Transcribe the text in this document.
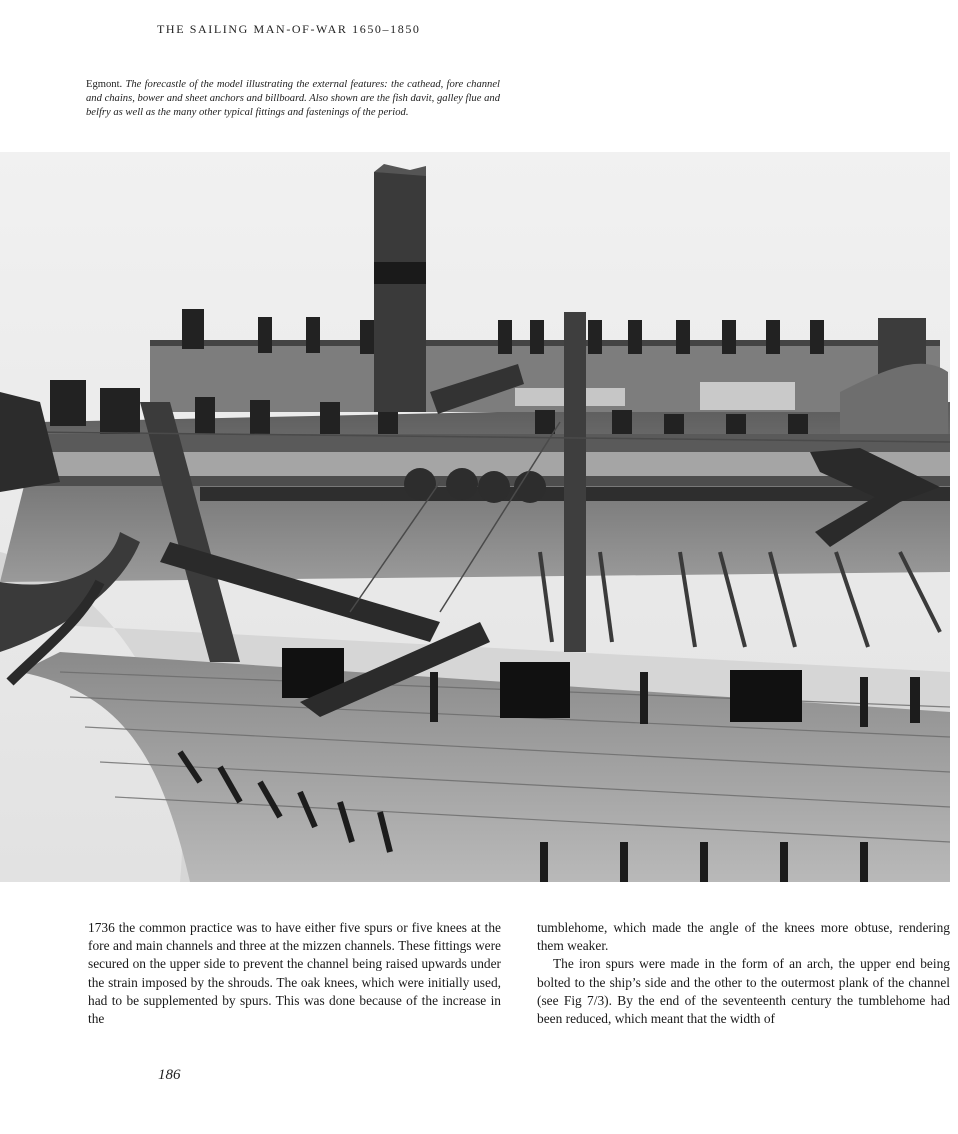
THE SAILING MAN-OF-WAR 1650–1850
Egmont. The forecastle of the model illustrating the external features: the cathead, fore channel and chains, bower and sheet anchors and billboard. Also shown are the fish davit, galley flue and belfry as well as the many other typical fittings and fastenings of the period.

1736 the common practice was to have either five spurs or five knees at the fore and main channels and three at the mizzen channels. These fittings were secured on the upper side to prevent the channel being raised upwards under the strain imposed by the shrouds. The oak knees, which were initially used, had to be supplemented by spurs. This was done because of the increase in the

tumblehome, which made the angle of the knees more obtuse, rendering them weaker.

The iron spurs were made in the form of an arch, the upper end being bolted to the ship’s side and the other to the outermost plank of the channel (see Fig 7/3). By the end of the seventeenth century the tumblehome had been reduced, which meant that the width of

186
